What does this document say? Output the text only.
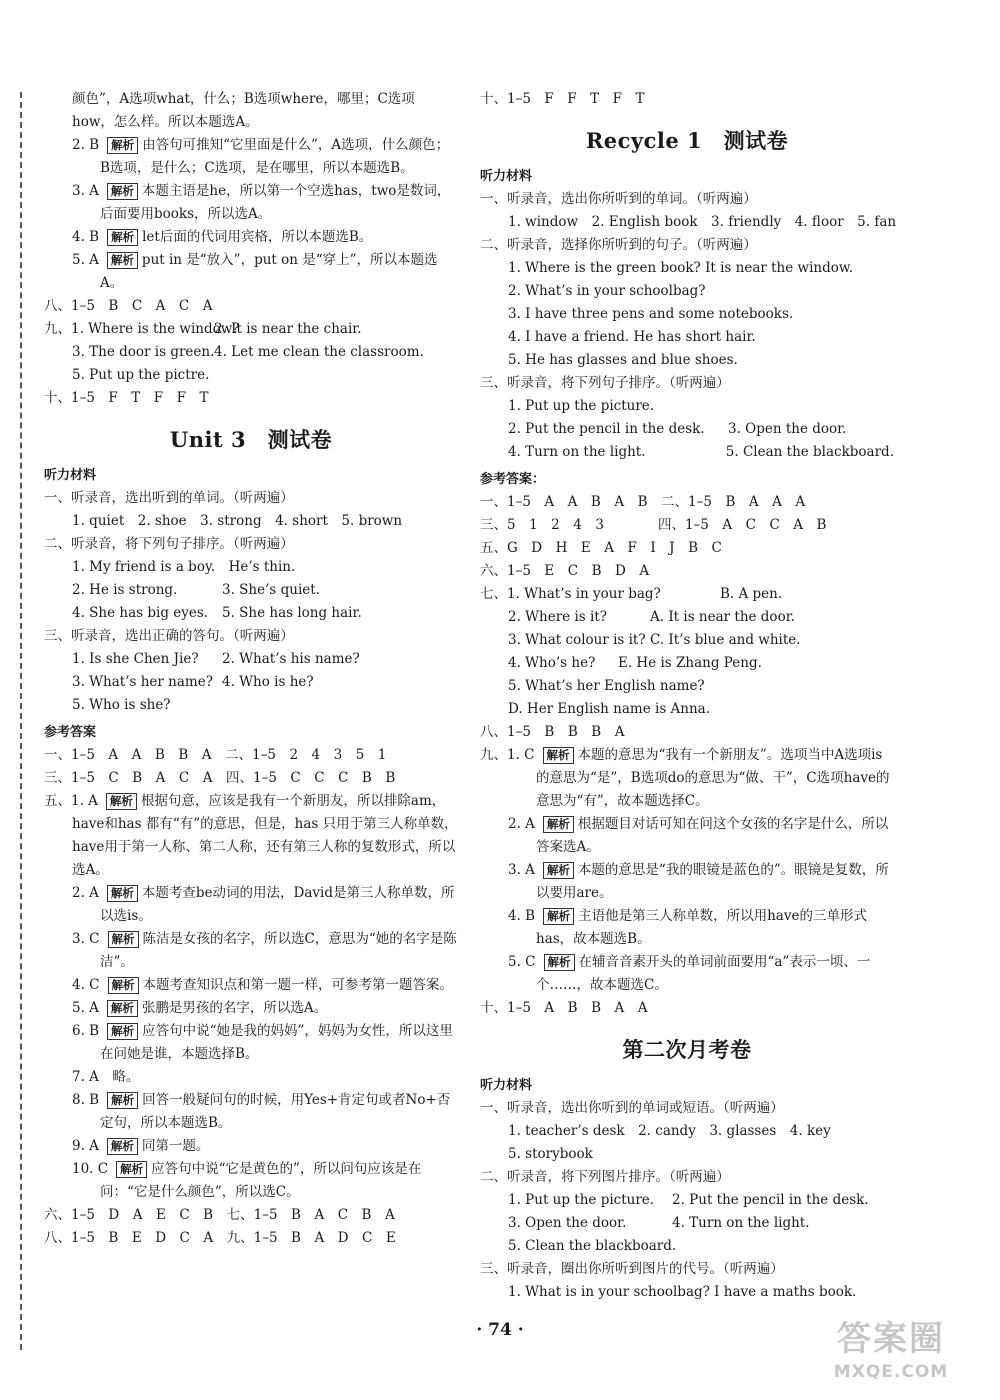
颜色”，A选项what，什么；B选项where，哪里；C选项

how，怎么样。所以本题选A。

2. B 解析 由答句可推知“它里面是什么”，A选项，什么颜色；B选项，是什么；C选项，是在哪里，所以本题选B。

3. A 解析 本题主语是he，所以第一个空选has，two是数词，后面要用books，所以选A。

4. B 解析 let后面的代词用宾格，所以本题选B。

5. A 解析 put in 是“放入”，put on 是“穿上”，所以本题选A。

八、1–5　B　C　A　C　A

九、1. Where is the window?
2. It is near the chair.
3. The door is green. 4. Let me clean the classroom.

5. Put up the pictre.

十、1–5　F　T　F　F　T

Unit 3　测试卷
听力材料

一、听录音，选出听到的单词。（听两遍）

1. quiet　2. shoe　3. strong　4. short　5. brown

二、听录音，将下列句子排序。（听两遍）

1. My friend is a boy.　He’s thin.

2. He is strong.	3. She’s quiet.
4. She has big eyes.	5. She has long hair.

三、听录音，选出正确的答句。（听两遍）

1. Is she Chen Jie?	2. What’s his name?
3. What’s her name? 4. Who is he?

5. Who is she?

参考答案

一、1–5　A　A　B　B　A　二、1–5　2　4　3　5　1

三、1–5　C　B　A　C　A　四、1–5　C　C　C　B　B

五、1. A 解析 根据句意，应该是我有一个新朋友，所以排除am，have和has 都有“有”的意思，但是，has 只用于第三人称单数，have用于第一人称、第二人称，还有第三人称的复数形式，所以选A。

2. A 解析 本题考查be动词的用法，David是第三人称单数，所以选is。

3. C 解析 陈洁是女孩的名字，所以选C，意思为“她的名字是陈洁”。

4. C 解析 本题考查知识点和第一题一样，可参考第一题答案。

5. A 解析 张鹏是男孩的名字，所以选A。

6. B 解析 应答句中说“她是我的妈妈”，妈妈为女性，所以这里在问她是谁，本题选择B。

7. A　 略。

8. B 解析 回答一般疑问句的时候，用Yes+肯定句或者No+否定句，所以本题选B。

9. A 解析 同第一题。

10. C 解析 应答句中说“它是黄色的”，所以问句应该是在问：“它是什么颜色”，所以选C。

六、1–5　D　A　E　C　B　七、1–5　B　A　C　B　A

八、1–5　B　E　D　C　A　九、1–5　B　A　D　C　E

十、1–5　F　F　T　F　T

Recycle 1　测试卷
听力材料

一、听录音，选出你所听到的单词。（听两遍）

1. window　2. English book　3. friendly　4. floor　5. fan

二、听录音，选择你所听到的句子。（听两遍）

1. Where is the green book? It is near the window.

2. What’s in your schoolbag?

3. I have three pens and some notebooks.

4. I have a friend. He has short hair.

5. He has glasses and blue shoes.

三、听录音，将下列句子排序。（听两遍）

1. Put up the picture.

2. Put the pencil in the desk.	3. Open the door.
4. Turn on the light.	5. Clean the blackboard.
参考答案：

一、1–5　A　A　B　A　B　二、1–5　B　A　A　A

三、5　1　2　4　3　　　　四、1–5　A　C　C　A　B

五、G　D　H　E　A　F　I　J　B　C

六、1–5　E　C　B　D　A

七、1. What’s in your bag?	B. A pen.
2. Where is it?	A. It is near the door.
3. What colour is it? C. It’s blue and white.
4. Who’s he?	E. He is Zhang Peng.

5. What’s her English name?

D. Her English name is Anna.

八、1–5　B　B　B　A

九、1. C 解析 本题的意思为“我有一个新朋友”。选项当中A选项is的意思为“是”，B选项do的意思为“做、干”，C选项have的意思为“有”，故本题选择C。

2. A 解析 根据题目对话可知在问这个女孩的名字是什么，所以答案选A。

3. A 解析 本题的意思是“我的眼镜是蓝色的”。眼镜是复数，所以要用are。

4. B 解析 主语他是第三人称单数，所以用have的三单形式has，故本题选B。

5. C 解析 在辅音音素开头的单词前面要用“a”表示一顷、一个……，故本题选C。

十、1–5　A　B　B　A　A

第二次月考卷
听力材料

一、听录音，选出你听到的单词或短语。（听两遍）

1. teacher’s desk　2. candy　3. glasses　4. key

5. storybook

二、听录音，将下列图片排序。（听两遍）

1. Put up the picture.	2. Put the pencil in the desk.
3. Open the door.	4. Turn on the light.

5. Clean the blackboard.

三、听录音，圈出你所听到图片的代号。（听两遍）

1. What is in your schoolbag? I have a maths book.

· 74 ·	答案圈
MXQE.COM
